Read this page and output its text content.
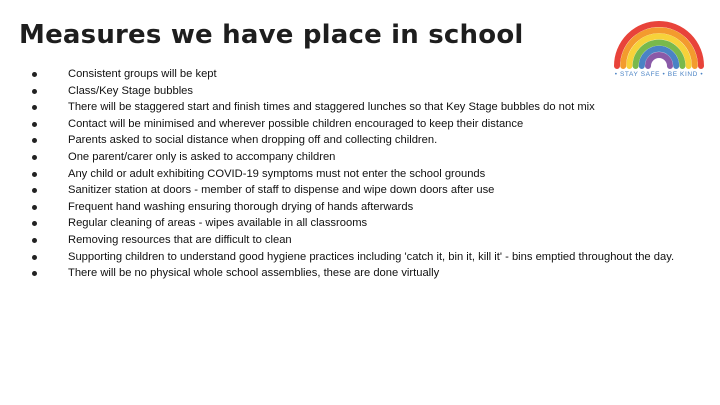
Measures we have place in school
• STAY SAFE • BE KIND •
Consistent groups will be kept
Class/Key Stage bubbles
There will be staggered start and finish times and staggered lunches so that Key Stage bubbles do not mix
Contact will be minimised and wherever possible children encouraged to keep their distance
Parents asked to social distance when dropping off and collecting children.
One parent/carer only is asked to accompany children
Any child or adult exhibiting COVID-19 symptoms must not enter the school grounds
Sanitizer station at doors - member of staff to dispense and wipe down doors after use
Frequent hand washing ensuring thorough drying of hands afterwards
Regular cleaning of areas - wipes available in all classrooms
Removing resources that are difficult to clean
Supporting children to understand good hygiene practices including 'catch it, bin it, kill it' - bins emptied throughout the day.
There will be no physical whole school assemblies, these are done virtually
